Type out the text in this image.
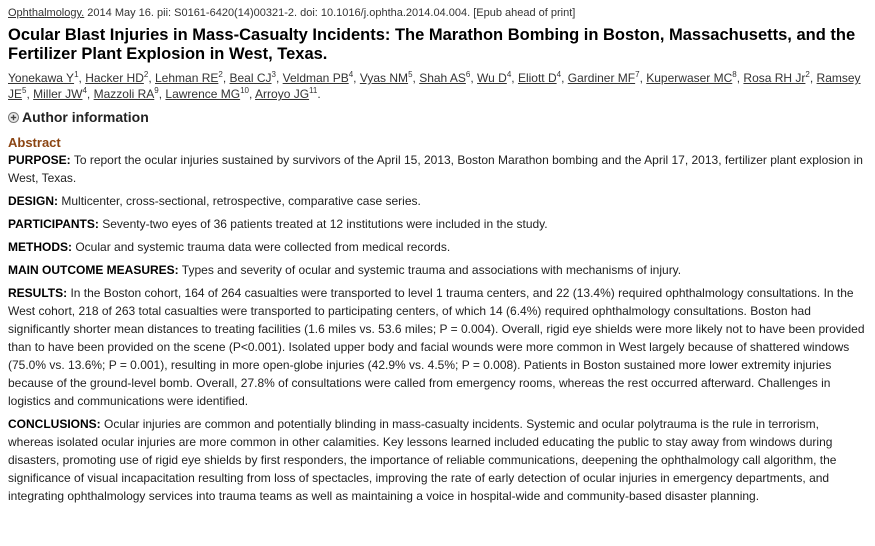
Ophthalmology. 2014 May 16. pii: S0161-6420(14)00321-2. doi: 10.1016/j.ophtha.2014.04.004. [Epub ahead of print]
Ocular Blast Injuries in Mass-Casualty Incidents: The Marathon Bombing in Boston, Massachusetts, and the Fertilizer Plant Explosion in West, Texas.
Yonekawa $Y^1$, Hacker $HD^2$, Lehman $RE^2$, Beal $CJ^3$, Veldman $PB^4$, Vyas $NM^5$, Shah $AS^6$, Wu $D^4$, Eliott $D^4$, Gardiner $MF^7$, Kuperwaser $MC^8$, Rosa RH Jr$^2$, Ramsey $JE^5$, Miller $JW^4$, Mazzoli $RA^9$, Lawrence MG$^{10}$, Arroyo JG$^{11}$.
Author information
Abstract

PURPOSE: To report the ocular injuries sustained by survivors of the April 15, 2013, Boston Marathon bombing and the April 17, 2013, fertilizer plant explosion in West, Texas.

DESIGN: Multicenter, cross-sectional, retrospective, comparative case series.

PARTICIPANTS: Seventy-two eyes of 36 patients treated at 12 institutions were included in the study.

METHODS: Ocular and systemic trauma data were collected from medical records.

MAIN OUTCOME MEASURES: Types and severity of ocular and systemic trauma and associations with mechanisms of injury.

RESULTS: In the Boston cohort, 164 of 264 casualties were transported to level 1 trauma centers, and 22 (13.4%) required ophthalmology consultations. In the West cohort, 218 of 263 total casualties were transported to participating centers, of which 14 (6.4%) required ophthalmology consultations. Boston had significantly shorter mean distances to treating facilities (1.6 miles vs. 53.6 miles; P = 0.004). Overall, rigid eye shields were more likely not to have been provided than to have been provided on the scene (P<0.001). Isolated upper body and facial wounds were more common in West largely because of shattered windows (75.0% vs. 13.6%; P = 0.001), resulting in more open-globe injuries (42.9% vs. 4.5%; P = 0.008). Patients in Boston sustained more lower extremity injuries because of the ground-level bomb. Overall, 27.8% of consultations were called from emergency rooms, whereas the rest occurred afterward. Challenges in logistics and communications were identified.

CONCLUSIONS: Ocular injuries are common and potentially blinding in mass-casualty incidents. Systemic and ocular polytrauma is the rule in terrorism, whereas isolated ocular injuries are more common in other calamities. Key lessons learned included educating the public to stay away from windows during disasters, promoting use of rigid eye shields by first responders, the importance of reliable communications, deepening the ophthalmology call algorithm, the significance of visual incapacitation resulting from loss of spectacles, improving the rate of early detection of ocular injuries in emergency departments, and integrating ophthalmology services into trauma teams as well as maintaining a voice in hospital-wide and community-based disaster planning.
